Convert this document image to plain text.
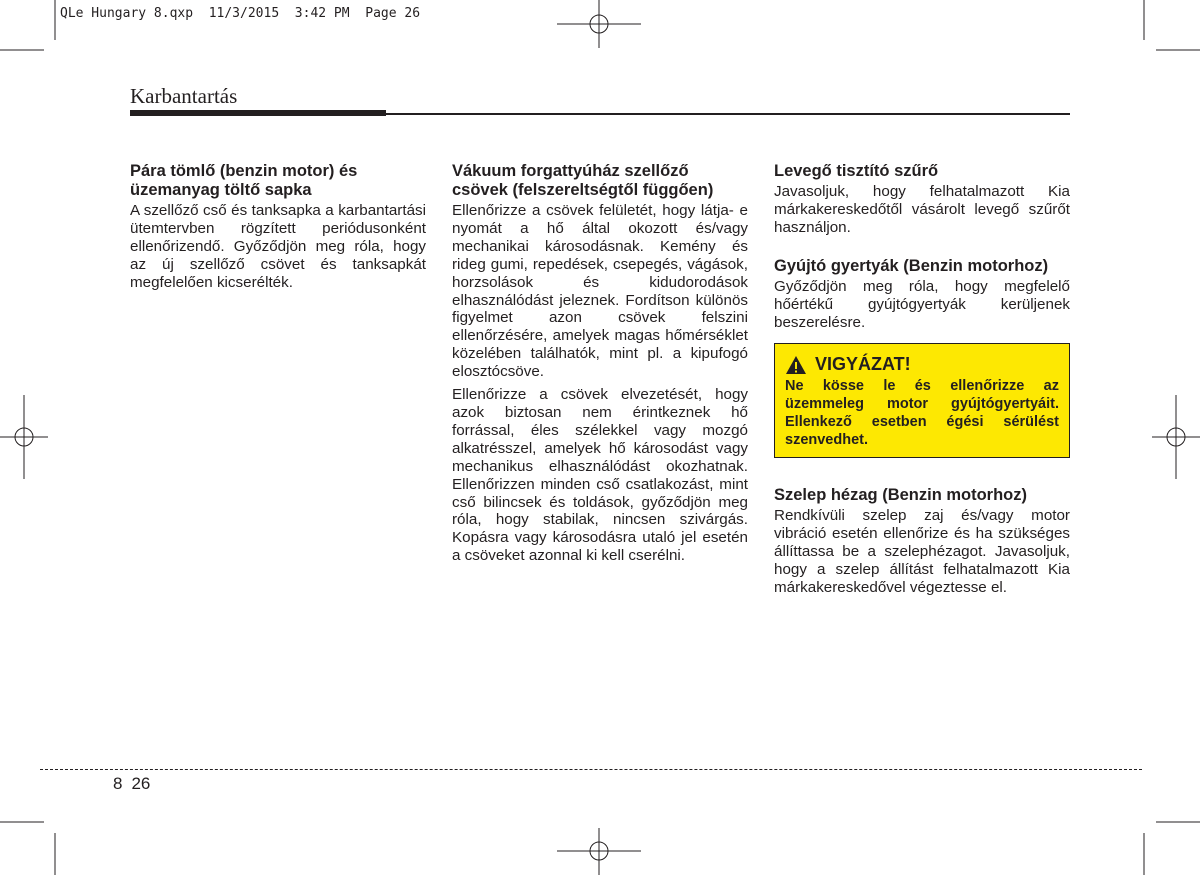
QLe Hungary 8.qxp  11/3/2015  3:42 PM  Page 26
Karbantartás
Pára tömlő (benzin motor) és üzemanyag töltő sapka

A szellőző cső és tanksapka a karbantartási ütemtervben rögzített periódusonként ellenőrizendő. Győződjön meg róla, hogy az új szellőző csövet és tanksapkát megfelelően kicserélték.

Vákuum forgattyúház szellőző csövek (felszereltségtől függően)

Ellenőrizze a csövek felületét, hogy látja- e nyomát a hő által okozott és/vagy mechanikai károsodásnak. Kemény és rideg gumi, repedések, csepegés, vágások, horzsolások és kidudorodások elhasználódást jeleznek. Fordítson különös figyelmet azon csövek felszini ellenőrzésére, amelyek magas hőmérséklet közelében találhatók, mint pl. a kipufogó elosztócsöve.

Ellenőrizze a csövek elvezetését, hogy azok biztosan nem érintkeznek hő forrással, éles szélekkel vagy mozgó alkatrésszel, amelyek hő károsodást vagy mechanikus elhasználódást okozhatnak. Ellenőrizzen minden cső csatlakozást, mint cső bilincsek és toldások, győződjön meg róla, hogy stabilak, nincsen szivárgás. Kopásra vagy károsodásra utaló jel esetén a csöveket azonnal ki kell cserélni.

Levegő tisztító szűrő

Javasoljuk, hogy felhatalmazott Kia márkakereskedőtől vásárolt levegő szűrőt használjon.

Gyújtó gyertyák (Benzin motorhoz)

Győződjön meg róla, hogy megfelelő hőértékű gyújtógyertyák kerüljenek beszerelésre.

VIGYÁZAT!

Ne kösse le és ellenőrizze az üzemmeleg motor gyújtógyertyáit. Ellenkező esetben égési sérülést szenvedhet.

Szelep hézag (Benzin motorhoz)

Rendkívüli szelep zaj és/vagy motor vibráció esetén ellenőrize és ha szükséges állíttassa be a szelephézagot. Javasoljuk, hogy a szelep állítást felhatalmazott Kia márkakereskedővel végeztesse el.

8 26
